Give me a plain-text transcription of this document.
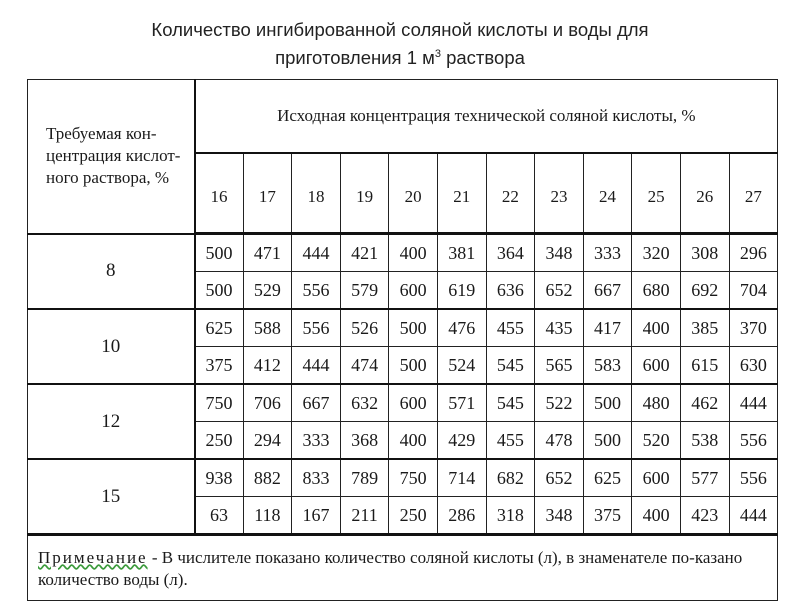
Количество ингибированной соляной кислоты и воды для
приготовления 1 $м^3$ раствора
Требуемая кон-центрация кислот-ного раствора, %	Исходная концентрация технической соляной кислоты, %											
	16	17	18	19	20	21	22	23	24	25	26	27
8	500	471	444	421	400	381	364	348	333	320	308	296
	500	529	556	579	600	619	636	652	667	680	692	704
10	625	588	556	526	500	476	455	435	417	400	385	370
	375	412	444	474	500	524	545	565	583	600	615	630
12	750	706	667	632	600	571	545	522	500	480	462	444
	250	294	333	368	400	429	455	478	500	520	538	556
15	938	882	833	789	750	714	682	652	625	600	577	556
	63	118	167	211	250	286	318	348	375	400	423	444
Примечание - В числителе показано количество соляной кислоты (л), в знаменателе по-казано количество воды (л).												
